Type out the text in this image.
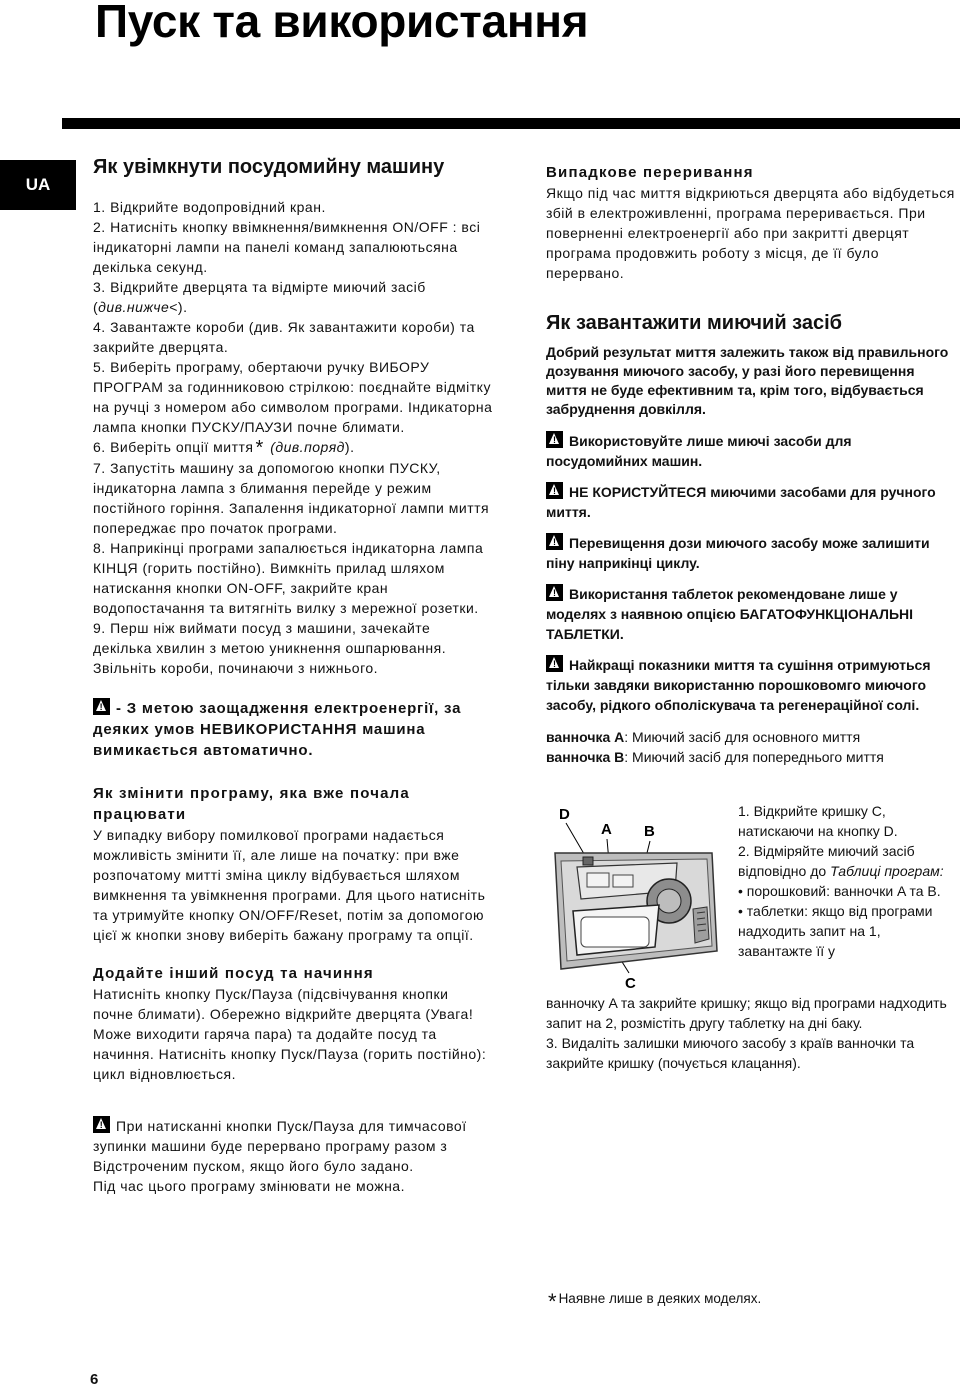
Пуск та використання
UA

Як увімкнути посудомийну машину

1. Відкрийте водопровідний кран.

2. Натисніть кнопку ввімкнення/вимкнення ON/OFF : всі індикаторні лампи на панелі команд запалюютьсяна декілька секунд.

3. Відкрийте дверцята та відмірте миючий засіб (див.нижче<).

4. Завантажте короби (див. Як завантажити короби) та закрийте дверцята.

5. Виберіть програму, обертаючи ручку ВИБОРУ ПРОГРАМ за годинниковою стрілкою: поєднайте відмітку на ручці з номером або символом програми. Індикаторна лампа кнопки ПУСКУ/ПАУЗИ почне блимати.

6. Виберіть опції миття * (див.поряд).

7. Запустіть машину за допомогою кнопки ПУСКУ, індикаторна лампа з блимання перейде у режим постійного горіння. Запалення індикаторної лампи миття попереджає про початок програми.

8. Наприкінці програми запалюється індикаторна лампа КІНЦЯ (горить постійно). Вимкніть прилад шляхом натискання кнопки ON-OFF, закрийте кран водопостачання та витягніть вилку з мережної розетки.

9. Перш ніж виймати посуд з машини, зачекайте декілька хвилин з метою уникнення ошпарювання. Звільніть короби, починаючи з нижнього.

!- З метою заощадження електроенергії, за деяких умов НЕВИКОРИСТАННЯ машина вимикається автоматично.

Як змінити програму, яка вже почала працювати

У випадку вибору помилкової програми надається можливість змінити її, але лише на початку: при вже розпочатому митті зміна циклу відбувається шляхом вимкнення та увімкнення програми. Для цього натисніть та утримуйте кнопку ON/OFF/Reset, потім за допомогою цієї ж кнопки знову виберіть бажану програму та опції.

Додайте інший посуд та начиння

Натисніть кнопку Пуск/Пауза (підсвічування кнопки почне блимати). Обережно відкрийте дверцята (Увага! Може виходити гаряча пара) та додайте посуд та начиння. Натисніть кнопку Пуск/Пауза (горить постійно): цикл відновлюється.

!При натисканні кнопки Пуск/Пауза для тимчасової зупинки машини буде перервано програму разом з Відстроченим пуском, якщо його було задано.

Під час цього програму змінювати не можна.

Випадкове переривання

Якщо під час миття відкриються дверцята або відбудеться збій в електроживленні, програма переривається. При поверненні електроенергії або при закритті дверцят програма продовжить роботу з місця, де її було перервано.

Як завантажити миючий засіб

Добрий результат миття залежить також від правильного дозування миючого засобу, у разі його перевищення миття не буде ефективним та, крім того, відбувається забруднення довкілля.

!Використовуйте лише миючі засоби для посудомийних машин.

!НЕ КОРИСТУЙТЕСЯ миючими засобами для ручного миття.

!Перевищення дози миючого засобу може залишити піну наприкінці циклу.

!Використання таблеток рекомендоване лише у моделях з наявною опцією БАГАТОФУНКЦІОНАЛЬНІ ТАБЛЕТКИ.

!Найкращі показники миття та сушіння отримуються тільки завдяки використанню порошковомго миючого засобу, рідкого обполіскувача та регенераційної солі.

ванночка A: Миючий засіб для основного миття

ванночка B: Миючий засіб для попереднього миття

D
A B
C

1. Відкрийте кришку C, натискаючи на кнопку D.

2. Відміряйте миючий засіб відповідно до Таблиці програм:

• порошковий: ванночки A та B.

• таблетки: якщо від програми надходить запит на 1, завантажте її у

ванночку A та закрийте кришку; якщо від програми надходить запит на 2, розмістіть другу таблетку на дні баку.

3. Видаліть залишки миючого засобу з країв ванночки та закрийте кришку (почується клацання).

* Наявне лише в деяких моделях.
6
